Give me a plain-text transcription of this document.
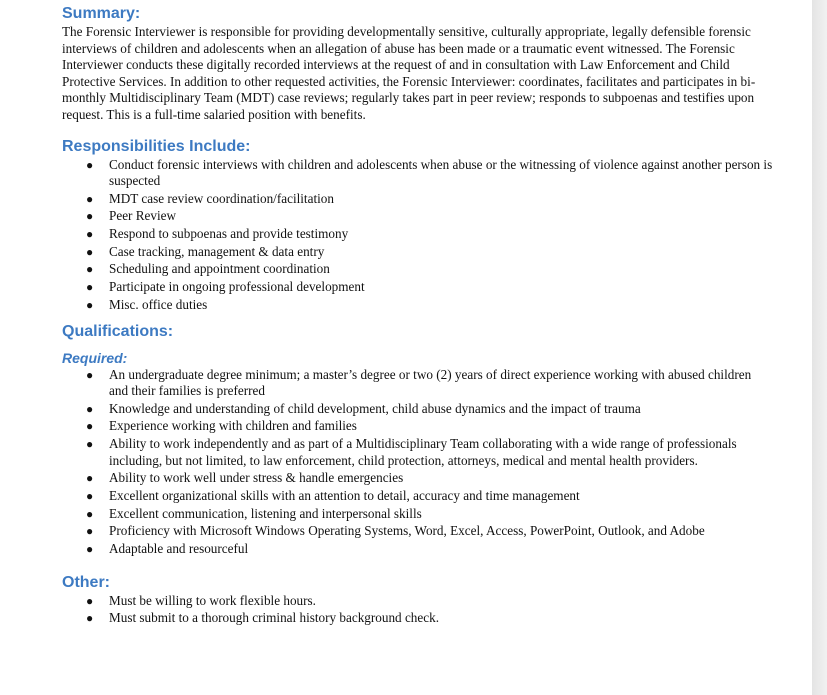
Summary:

The Forensic Interviewer is responsible for providing developmentally sensitive, culturally appropriate, legally defensible forensic interviews of children and adolescents when an allegation of abuse has been made or a traumatic event witnessed. The Forensic Interviewer conducts these digitally recorded interviews at the request of and in consultation with Law Enforcement and Child Protective Services. In addition to other requested activities, the Forensic Interviewer: coordinates, facilitates and participates in bi-monthly Multidisciplinary Team (MDT) case reviews; regularly takes part in peer review; responds to subpoenas and testifies upon request. This is a full-time salaried position with benefits.

Responsibilities Include:
● Conduct forensic interviews with children and adolescents when abuse or the witnessing of violence against another person is suspected
● MDT case review coordination/facilitation
● Peer Review
● Respond to subpoenas and provide testimony
● Case tracking, management & data entry
● Scheduling and appointment coordination
● Participate in ongoing professional development
● Misc. office duties
Qualifications:
Required:
● An undergraduate degree minimum; a master’s degree or two (2) years of direct experience working with abused children and their families is preferred
● Knowledge and understanding of child development, child abuse dynamics and the impact of trauma
● Experience working with children and families
● Ability to work independently and as part of a Multidisciplinary Team collaborating with a wide range of professionals including, but not limited, to law enforcement, child protection, attorneys, medical and mental health providers.
● Ability to work well under stress & handle emergencies
● Excellent organizational skills with an attention to detail, accuracy and time management
● Excellent communication, listening and interpersonal skills
● Proficiency with Microsoft Windows Operating Systems, Word, Excel, Access, PowerPoint, Outlook, and Adobe
● Adaptable and resourceful
Other:
● Must be willing to work flexible hours.
● Must submit to a thorough criminal history background check.
